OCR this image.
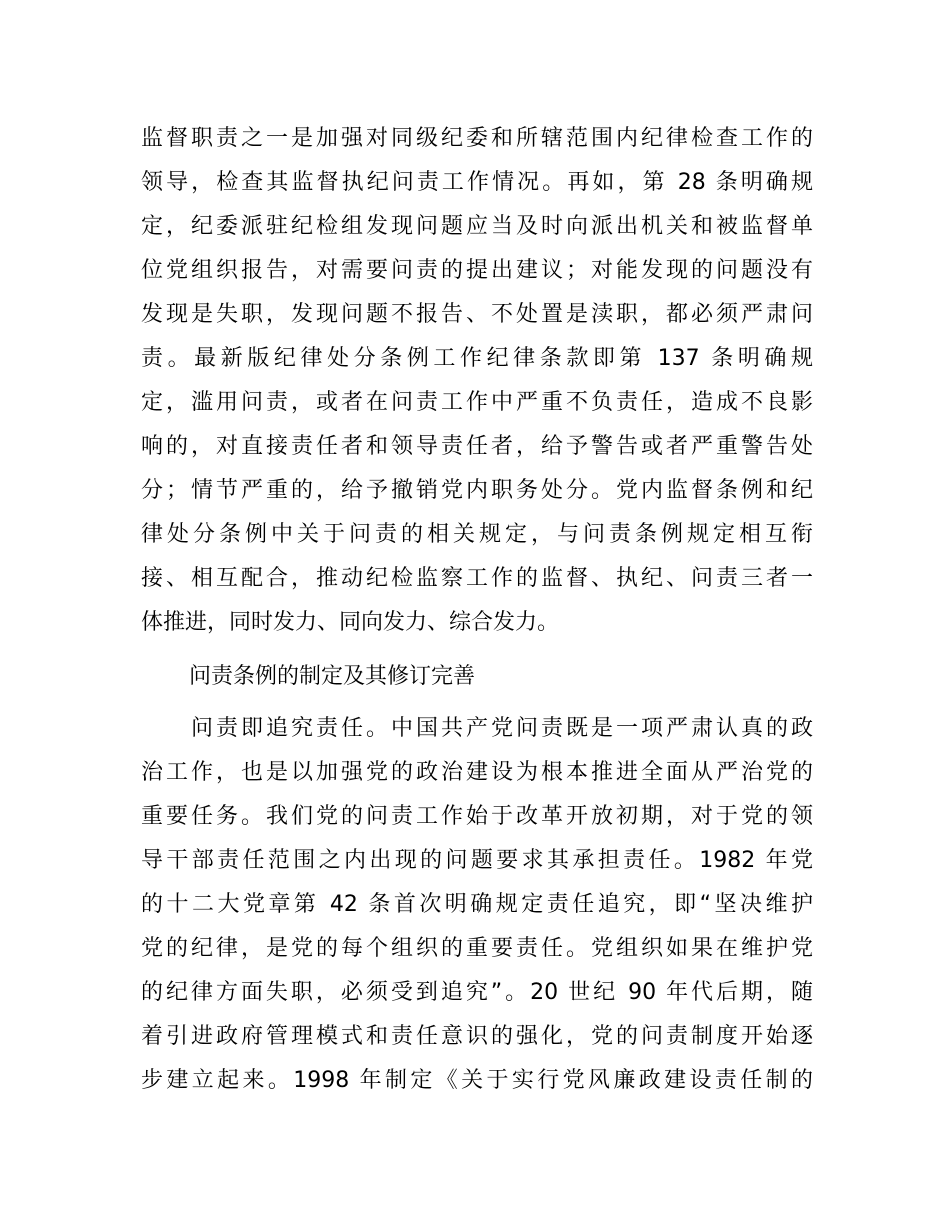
监督职责之一是加强对同级纪委和所辖范围内纪律检查工作的
领导，检查其监督执纪问责工作情况。再如，第 28 条明确规
定，纪委派驻纪检组发现问题应当及时向派出机关和被监督单
位党组织报告，对需要问责的提出建议；对能发现的问题没有
发现是失职，发现问题不报告、不处置是渎职，都必须严肃问
责。最新版纪律处分条例工作纪律条款即第 137 条明确规
定，滥用问责，或者在问责工作中严重不负责任，造成不良影
响的，对直接责任者和领导责任者，给予警告或者严重警告处
分；情节严重的，给予撤销党内职务处分。党内监督条例和纪
律处分条例中关于问责的相关规定，与问责条例规定相互衔
接、相互配合，推动纪检监察工作的监督、执纪、问责三者一
体推进，同时发力、同向发力、综合发力。
问责条例的制定及其修订完善
　　问责即追究责任。中国共产党问责既是一项严肃认真的政
治工作，也是以加强党的政治建设为根本推进全面从严治党的
重要任务。我们党的问责工作始于改革开放初期，对于党的领
导干部责任范围之内出现的问题要求其承担责任。1982 年党
的十二大党章第 42 条首次明确规定责任追究，即“坚决维护
党的纪律，是党的每个组织的重要责任。党组织如果在维护党
的纪律方面失职，必须受到追究”。20 世纪 90 年代后期，随
着引进政府管理模式和责任意识的强化，党的问责制度开始逐
步建立起来。1998 年制定《关于实行党风廉政建设责任制的
